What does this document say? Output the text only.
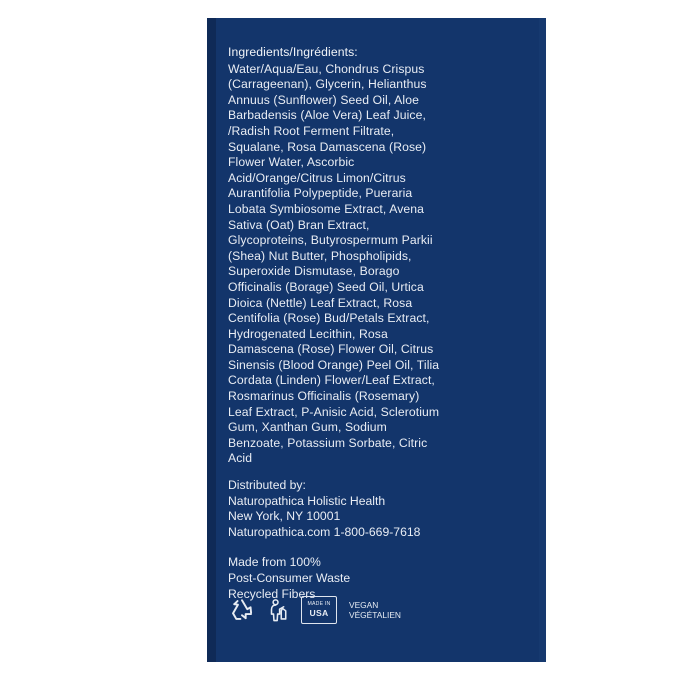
Ingredients/Ingrédients:

Water/Aqua/Eau, Chondrus Crispus (Carrageenan), Glycerin, Helianthus Annuus (Sunflower) Seed Oil, Aloe Barbadensis (Aloe Vera) Leaf Juice, /Radish Root Ferment Filtrate, Squalane, Rosa Damascena (Rose) Flower Water, Ascorbic Acid/Orange/Citrus Limon/Citrus Aurantifolia Polypeptide, Pueraria Lobata Symbiosome Extract, Avena Sativa (Oat) Bran Extract, Glycoproteins, Butyrospermum Parkii (Shea) Nut Butter, Phospholipids, Superoxide Dismutase, Borago Officinalis (Borage) Seed Oil, Urtica Dioica (Nettle) Leaf Extract, Rosa Centifolia (Rose) Bud/Petals Extract, Hydrogenated Lecithin, Rosa Damascena (Rose) Flower Oil, Citrus Sinensis (Blood Orange) Peel Oil, Tilia Cordata (Linden) Flower/Leaf Extract, Rosmarinus Officinalis (Rosemary) Leaf Extract, P-Anisic Acid, Sclerotium Gum, Xanthan Gum, Sodium Benzoate, Potassium Sorbate, Citric Acid

Distributed by:

Naturopathica Holistic Health

New York, NY 10001

Naturopathica.com 1-800-669-7618

Made from 100%

Post-Consumer Waste

Recycled Fibers

MADE IN
USA
VEGAN
VÉGÉTALIEN
